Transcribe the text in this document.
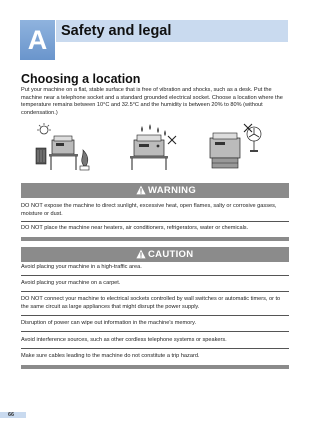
A Safety and legal
Choosing a location
Put your machine on a flat, stable surface that is free of vibration and shocks, such as a desk. Put the machine near a telephone socket and a standard grounded electrical socket. Choose a location where the temperature remains between 10°C and 32.5°C and the humidity is between 20% to 80% (without condensation.)
WARNING
DO NOT expose the machine to direct sunlight, excessive heat, open flames, salty or corrosive gasses, moisture or dust.
DO NOT place the machine near heaters, air conditioners, refrigerators, water or chemicals.
CAUTION
Avoid placing your machine in a high-traffic area.
Avoid placing your machine on a carpet.
DO NOT connect your machine to electrical sockets controlled by wall switches or automatic timers, or to the same circuit as large appliances that might disrupt the power supply.
Disruption of power can wipe out information in the machine's memory.
Avoid interference sources, such as other cordless telephone systems or speakers.
Make sure cables leading to the machine do not constitute a trip hazard.
66
